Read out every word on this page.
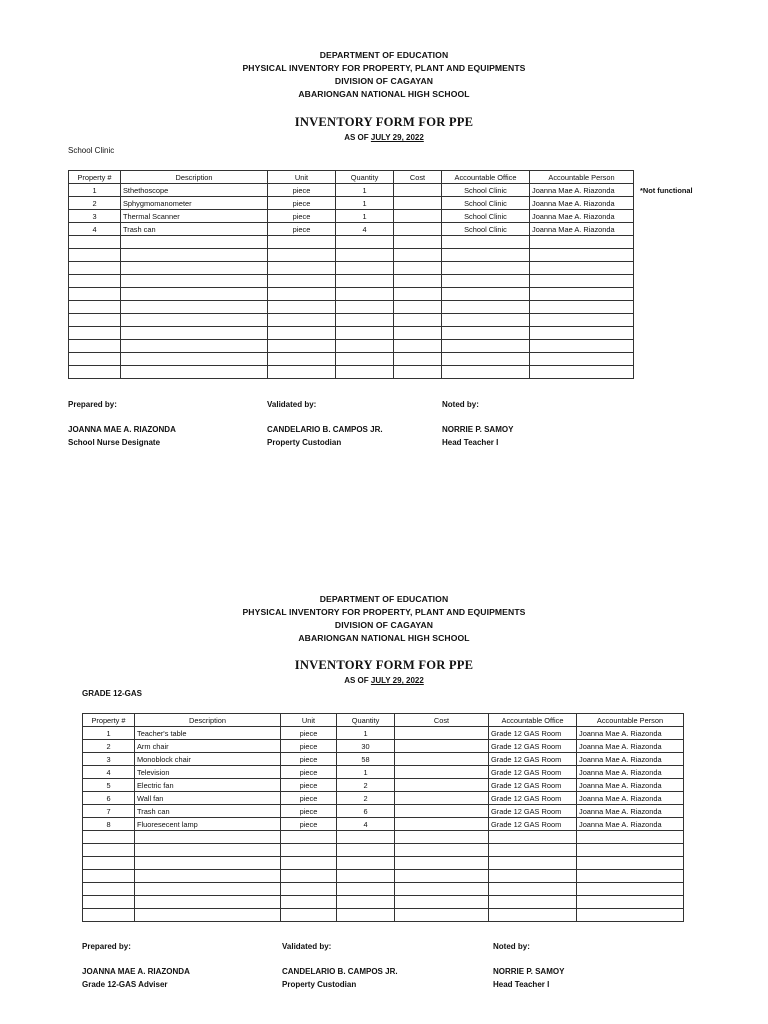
DEPARTMENT OF EDUCATION
PHYSICAL INVENTORY FOR PROPERTY, PLANT AND EQUIPMENTS
DIVISION OF CAGAYAN
ABARIONGAN NATIONAL HIGH SCHOOL
INVENTORY FORM FOR PPE
AS OF JULY 29, 2022
School Clinic
Property #	Description	Unit	Quantity	Cost	Accountable Office	Accountable Person
1	Sthethoscope	piece	1		School Clinic	Joanna Mae A. Riazonda
2	Sphygmomanometer	piece	1		School Clinic	Joanna Mae A. Riazonda
3	Thermal Scanner	piece	1		School Clinic	Joanna Mae A. Riazonda
4	Trash can	piece	4		School Clinic	Joanna Mae A. Riazonda

*Not functional
Prepared by:
JOANNA MAE A. RIAZONDA
School Nurse Designate
Validated by:
CANDELARIO B. CAMPOS JR.
Property Custodian
Noted by:
NORRIE P. SAMOY
Head Teacher I
DEPARTMENT OF EDUCATION
PHYSICAL INVENTORY FOR PROPERTY, PLANT AND EQUIPMENTS
DIVISION OF CAGAYAN
ABARIONGAN NATIONAL HIGH SCHOOL
INVENTORY FORM FOR PPE
AS OF JULY 29, 2022
GRADE 12-GAS
Property #	Description	Unit	Quantity	Cost	Accountable Office	Accountable Person
1	Teacher's table	piece	1		Grade 12 GAS Room	Joanna Mae A. Riazonda
2	Arm chair	piece	30		Grade 12 GAS Room	Joanna Mae A. Riazonda
3	Monoblock chair	piece	58		Grade 12 GAS Room	Joanna Mae A. Riazonda
4	Television	piece	1		Grade 12 GAS Room	Joanna Mae A. Riazonda
5	Electric fan	piece	2		Grade 12 GAS Room	Joanna Mae A. Riazonda
6	Wall fan	piece	2		Grade 12 GAS Room	Joanna Mae A. Riazonda
7	Trash can	piece	6		Grade 12 GAS Room	Joanna Mae A. Riazonda
8	Fluoresecent lamp	piece	4		Grade 12 GAS Room	Joanna Mae A. Riazonda

Prepared by:
JOANNA MAE A. RIAZONDA
Grade 12-GAS Adviser
Validated by:
CANDELARIO B. CAMPOS JR.
Property Custodian
Noted by:
NORRIE P. SAMOY
Head Teacher I
